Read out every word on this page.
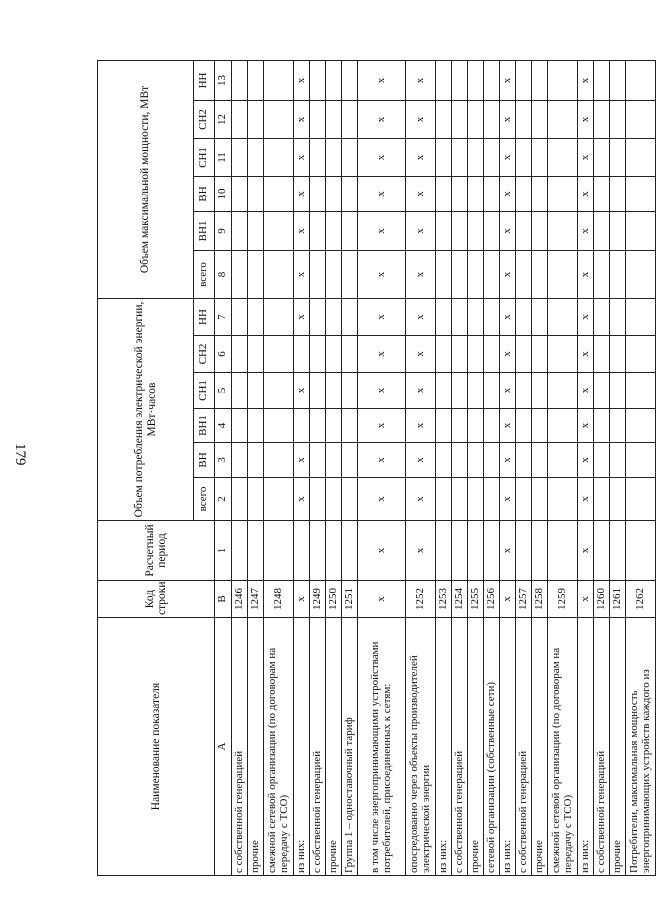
179
Наименование показателя	Код строки	Расчетный период	Объем потребления электрической энергии, МВт·часов						Объем максимальной мощности, МВт					
			всего	ВН	ВН1	СН1	СН2	НН	всего	ВН1	ВН	СН1	СН2	НН
А	В	1	2	3	4	5	6	7	8	9	10	11	12	13
с собственной генерацией	1246													
прочие	1247													
смежной сетевой организации (по договорам на передачу с ТСО)	1248													
из них:	х		х	х		х		х	х	х	х	х	х	х
с собственной генерацией	1249													
прочие	1250													
Группа 1 – одноставочный тариф	1251													
в том числе энергопринимающими устройствами потребителей, присоединенных к сетям:	х	х	х	х	х	х	х	х	х	х	х	х	х	х
опосредованно через объекты производителей электрической энергии	1252	х	х	х	х	х	х	х	х	х	х	х	х	х
из них:	1253													
с собственной генерацией	1254													
прочие	1255													
сетевой организации (собственные сети)	1256													
из них:	х	х	х	х	х	х	х	х	х	х	х	х	х	х
с собственной генерацией	1257													
прочие	1258													
смежной сетевой организации (по договорам на передачу с ТСО)	1259													
из них:	х	х	х	х	х	х	х	х	х	х	х	х	х	х
с собственной генерацией	1260													
прочие	1261													
Потребители, максимальная мощность энергопринимающих устройств каждого из	1262													
